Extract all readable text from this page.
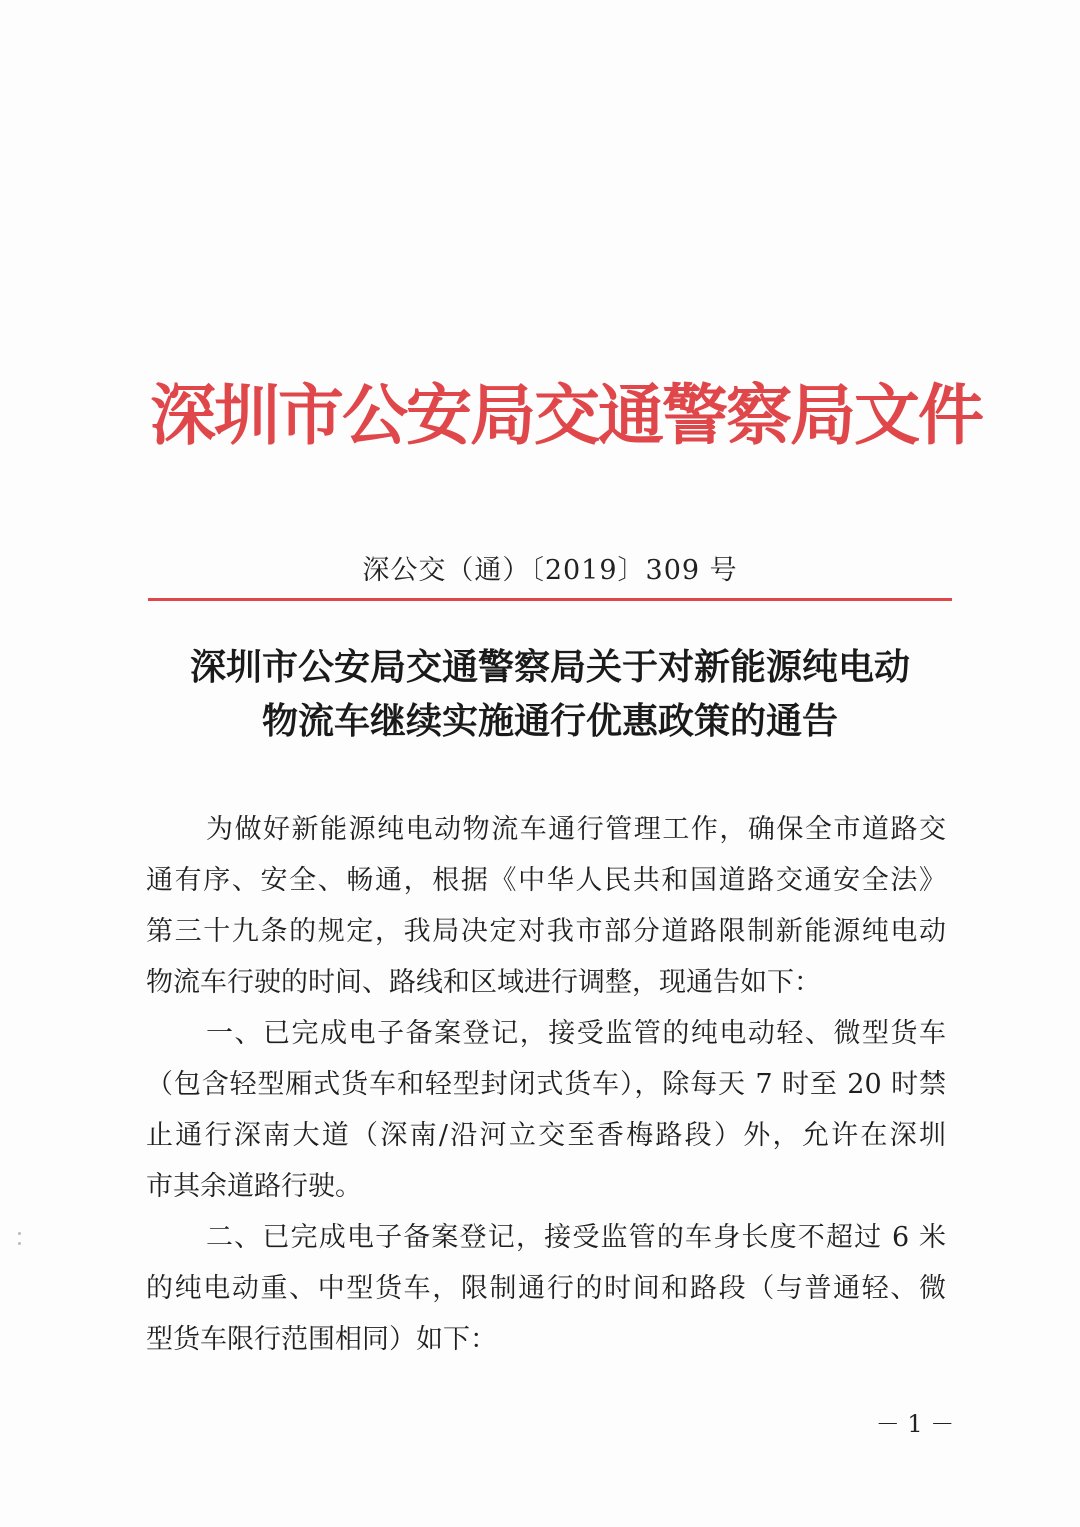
深圳市公安局交通警察局文件
深公交（通）〔2019〕309 号
深圳市公安局交通警察局关于对新能源纯电动
物流车继续实施通行优惠政策的通告
为做好新能源纯电动物流车通行管理工作，确保全市道路交
通有序、安全、畅通，根据《中华人民共和国道路交通安全法》
第三十九条的规定，我局决定对我市部分道路限制新能源纯电动
物流车行驶的时间、路线和区域进行调整，现通告如下：
一、已完成电子备案登记，接受监管的纯电动轻、微型货车
（包含轻型厢式货车和轻型封闭式货车），除每天 7 时至 20 时禁
止通行深南大道（深南/沿河立交至香梅路段）外，允许在深圳
市其余道路行驶。
二、已完成电子备案登记，接受监管的车身长度不超过 6 米
的纯电动重、中型货车，限制通行的时间和路段（与普通轻、微
型货车限行范围相同）如下：
－ 1 －
